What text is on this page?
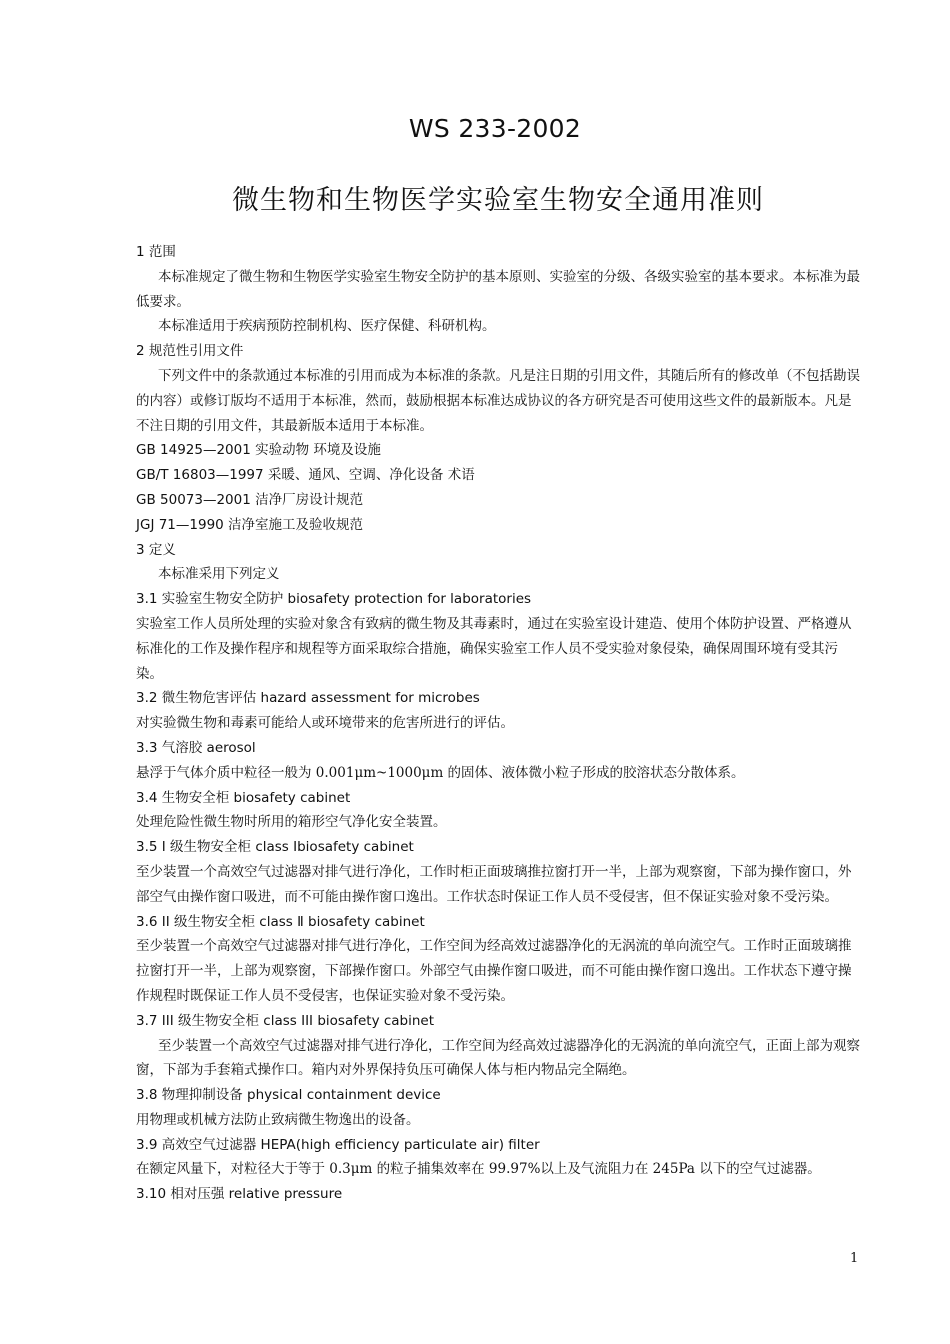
WS 233-2002
微生物和生物医学实验室生物安全通用准则

1 范围

本标准规定了微生物和生物医学实验室生物安全防护的基本原则、实验室的分级、各级实验室的基本要求。本标准为最低要求。

本标准适用于疾病预防控制机构、医疗保健、科研机构。

2 规范性引用文件

下列文件中的条款通过本标准的引用而成为本标准的条款。凡是注日期的引用文件，其随后所有的修改单（不包括勘误的内容）或修订版均不适用于本标准，然而，鼓励根据本标准达成协议的各方研究是否可使用这些文件的最新版本。凡是不注日期的引用文件，其最新版本适用于本标准。

GB 14925—2001 实验动物 环境及设施

GB/T 16803—1997 采暖、通风、空调、净化设备 术语

GB 50073—2001 洁净厂房设计规范

JGJ 71—1990 洁净室施工及验收规范

3 定义

本标准采用下列定义

3.1 实验室生物安全防护 biosafety protection for laboratories

实验室工作人员所处理的实验对象含有致病的微生物及其毒素时，通过在实验室设计建造、使用个体防护设置、严格遵从标准化的工作及操作程序和规程等方面采取综合措施，确保实验室工作人员不受实验对象侵染，确保周围环境有受其污染。

3.2 微生物危害评估 hazard assessment for microbes

对实验微生物和毒素可能给人或环境带来的危害所进行的评估。

3.3 气溶胶 aerosol

悬浮于气体介质中粒径一般为 0.001μm~1000μm 的固体、液体微小粒子形成的胶溶状态分散体系。

3.4 生物安全柜 biosafety cabinet

处理危险性微生物时所用的箱形空气净化安全装置。

3.5 I 级生物安全柜 class Ⅰbiosafety cabinet

至少装置一个高效空气过滤器对排气进行净化，工作时柜正面玻璃推拉窗打开一半，上部为观察窗，下部为操作窗口，外部空气由操作窗口吸进，而不可能由操作窗口逸出。工作状态时保证工作人员不受侵害，但不保证实验对象不受污染。

3.6 II 级生物安全柜 class Ⅱ biosafety cabinet

至少装置一个高效空气过滤器对排气进行净化，工作空间为经高效过滤器净化的无涡流的单向流空气。工作时正面玻璃推拉窗打开一半，上部为观察窗，下部操作窗口。外部空气由操作窗口吸进，而不可能由操作窗口逸出。工作状态下遵守操作规程时既保证工作人员不受侵害，也保证实验对象不受污染。

3.7 III 级生物安全柜 class III biosafety cabinet

至少装置一个高效空气过滤器对排气进行净化，工作空间为经高效过滤器净化的无涡流的单向流空气，正面上部为观察窗，下部为手套箱式操作口。箱内对外界保持负压可确保人体与柜内物品完全隔绝。

3.8 物理抑制设备 physical containment device

用物理或机械方法防止致病微生物逸出的设备。

3.9 高效空气过滤器 HEPA(high efficiency particulate air) filter

在额定风量下，对粒径大于等于 0.3μm 的粒子捕集效率在 99.97%以上及气流阻力在 245Pa 以下的空气过滤器。

3.10 相对压强 relative pressure

1
